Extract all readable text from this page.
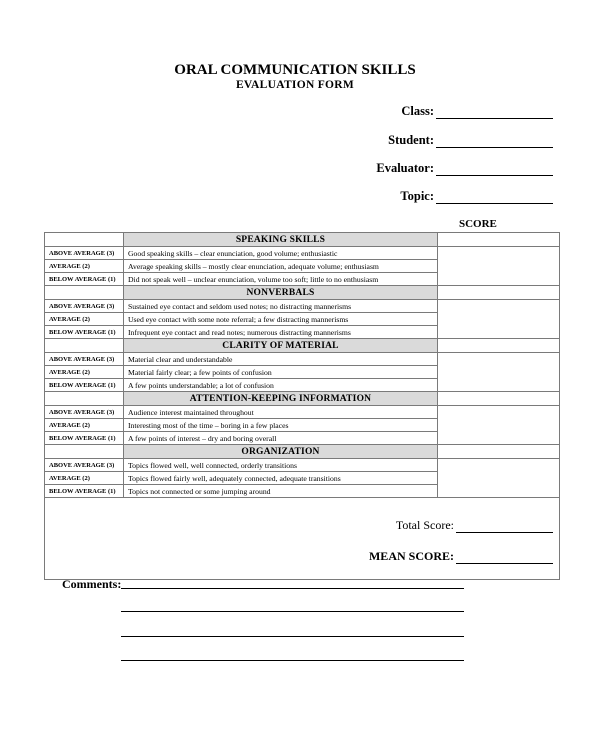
ORAL COMMUNICATION SKILLS
EVALUATION FORM
Class:
Student:
Evaluator:
Topic:
SCORE
	SPEAKING SKILLS	
ABOVE AVERAGE (3)	Good speaking skills – clear enunciation, good volume; enthusiastic	
AVERAGE (2)	Average speaking skills – mostly clear enunciation, adequate volume; enthusiasm	
BELOW AVERAGE (1)	Did not speak well – unclear enunciation, volume too soft; little to no enthusiasm	
	NONVERBALS	
ABOVE AVERAGE (3)	Sustained eye contact and seldom used notes; no distracting mannerisms	
AVERAGE (2)	Used eye contact with some note referral; a few distracting mannerisms	
BELOW AVERAGE (1)	Infrequent eye contact and read notes; numerous distracting mannerisms	
	CLARITY OF MATERIAL	
ABOVE AVERAGE (3)	Material clear and understandable	
AVERAGE (2)	Material fairly clear; a few points of confusion	
BELOW AVERAGE (1)	A few points understandable; a lot of confusion	
	ATTENTION-KEEPING INFORMATION	
ABOVE AVERAGE (3)	Audience interest maintained throughout	
AVERAGE (2)	Interesting most of the time – boring in a few places	
BELOW AVERAGE (1)	A few points of interest – dry and boring overall	
	ORGANIZATION	
ABOVE AVERAGE (3)	Topics flowed well, well connected, orderly transitions	
AVERAGE (2)	Topics flowed fairly well, adequately connected, adequate transitions	
BELOW AVERAGE (1)	Topics not connected or some jumping around	

Total Score:
MEAN SCORE:		
Comments:
